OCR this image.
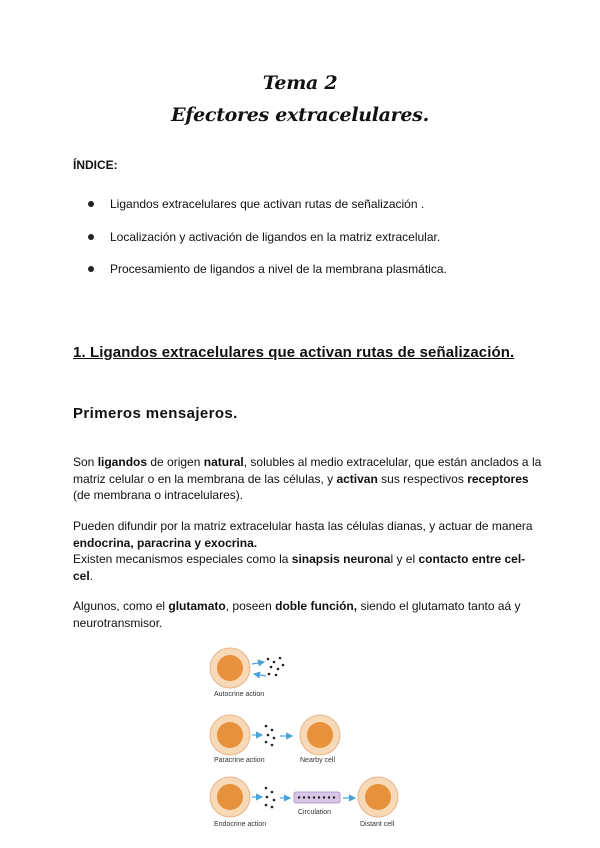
Tema 2
Efectores extracelulares.
ÍNDICE:
Ligandos extracelulares que activan rutas de señalización .
Localización y activación de ligandos en la matriz extracelular.
Procesamiento de ligandos a nivel de la membrana plasmática.
1. Ligandos extracelulares que activan rutas de señalización.
Primeros mensajeros.
Son ligandos de origen natural, solubles al medio extracelular, que están anclados a la matriz celular o en la membrana de las células, y activan sus respectivos receptores (de membrana o intracelulares).
Pueden difundir por la matriz extracelular hasta las células dianas, y actuar de manera endocrina, paracrina y exocrina.
Existen mecanismos especiales como la sinapsis neuronal y el contacto entre cel-cel.
Algunos, como el glutamato, poseen doble función, siendo el glutamato tanto aá y neurotransmisor.
Autocrine action
Paracrine action	Nearby cell
Endocrine action
Circulation
Distant cell
